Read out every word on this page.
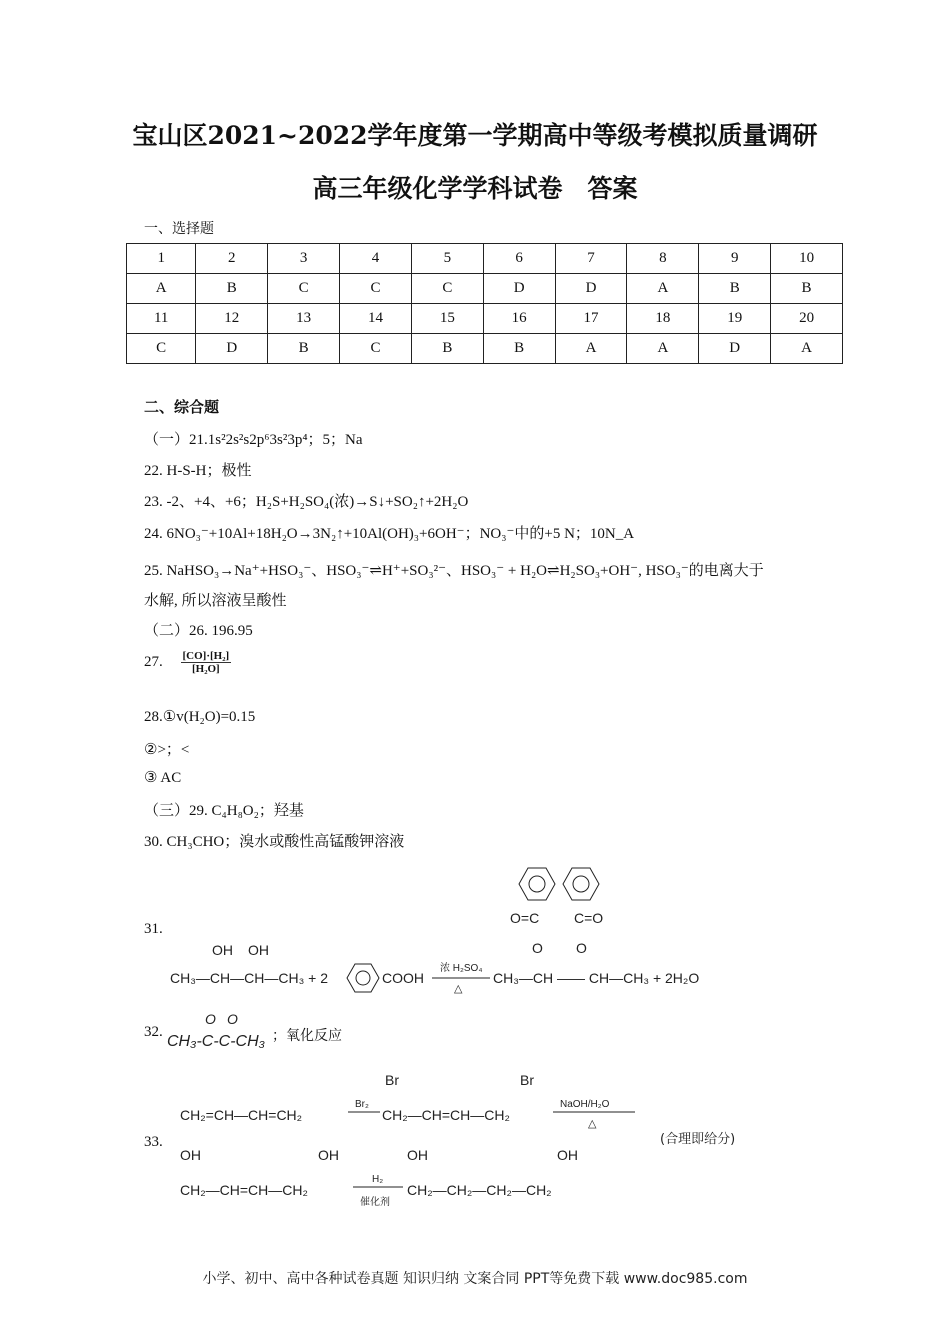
宝山区2021~2022学年度第一学期高中等级考模拟质量调研
高三年级化学学科试卷　答案
一、选择题
1	2	3	4	5	6	7	8	9	10
A	B	C	C	C	D	D	A	B	B
11	12	13	14	15	16	17	18	19	20
C	D	B	C	B	B	A	A	D	A
二、综合题
（一）21.1s²2s²s2p⁶3s²3p⁴；5；Na
22. H-S-H；极性
23. -2、+4、+6；H₂S+H₂SO₄(浓)→S↓+SO₂↑+2H₂O
24. 6NO₃⁻+10Al+18H₂O→3N₂↑+10Al(OH)₃+6OH⁻；NO₃⁻中的+5 N；10N_A
25. NaHSO₃→Na⁺+HSO₃⁻、HSO₃⁻⇌H⁺+SO₃²⁻、HSO₃⁻ + H₂O⇌H₂SO₃+OH⁻, HSO₃⁻的电离大于
水解, 所以溶液呈酸性
（二）26. 196.95
27. $\frac{\text{[CO]·[H₂]}}{\text{[H₂O]}}$
28.①v(H₂O)=0.15
②>；<
③ AC
（三）29. C₄H₈O₂；羟基
30. CH₃CHO；溴水或酸性高锰酸钾溶液
31.
OH OH
CH₃—CH—CH—CH₃ + 2	COOH
浓 H₂SO₄
△
CH₃—CH —— CH—CH₃ + 2H₂O
O O
O=C C=O
32.
O O
CH₃-C-C-CH₃ ；氧化反应
33.
Br	Br
CH₂=CH—CH=CH₂
Br₂
CH₂—CH=CH—CH₂
NaOH/H₂O
△
(合理即给分)
OH	OH
CH₂—CH=CH—CH₂
H₂
催化剂
OH	OH
CH₂—CH₂—CH₂—CH₂
小学、初中、高中各种试卷真题 知识归纳 文案合同 PPT等免费下载 www.doc985.com
